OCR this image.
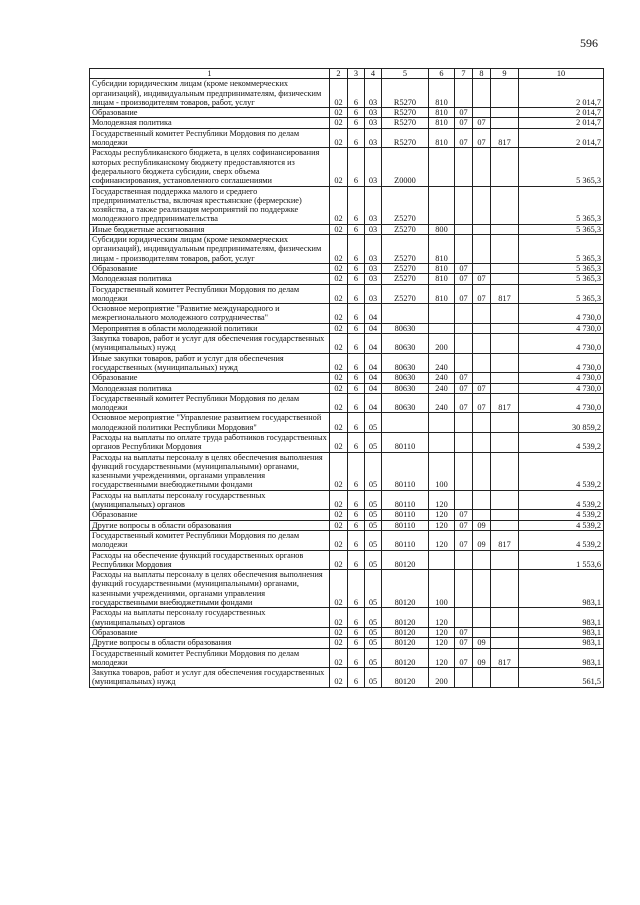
596
1	2	3	4	5	6	7	8	9	10
Субсидии юридическим лицам (кроме некоммерческих организаций), индивидуальным предпринимателям, физическим лицам - производителям товаров, работ, услуг	02	6	03	R5270	810				2 014,7
Образование	02	6	03	R5270	810	07			2 014,7
Молодежная политика	02	6	03	R5270	810	07	07		2 014,7
Государственный комитет Республики Мордовия по делам молодежи	02	6	03	R5270	810	07	07	817	2 014,7
Расходы республиканского бюджета, в целях софинансирования которых республиканскому бюджету предоставляются из федерального бюджета субсидии, сверх объема софинансирования, установленного соглашениями	02	6	03	Z0000					5 365,3
Государственная поддержка малого и среднего предпринимательства, включая крестьянские (фермерские) хозяйства, а также реализация мероприятий по поддержке молодежного предпринимательства	02	6	03	Z5270					5 365,3
Иные бюджетные ассигнования	02	6	03	Z5270	800				5 365,3
Субсидии юридическим лицам (кроме некоммерческих организаций), индивидуальным предпринимателям, физическим лицам - производителям товаров, работ, услуг	02	6	03	Z5270	810				5 365,3
Образование	02	6	03	Z5270	810	07			5 365,3
Молодежная политика	02	6	03	Z5270	810	07	07		5 365,3
Государственный комитет Республики Мордовия по делам молодежи	02	6	03	Z5270	810	07	07	817	5 365,3
Основное мероприятие "Развитие международного и межрегионального молодежного сотрудничества"	02	6	04						4 730,0
Мероприятия в области молодежной политики	02	6	04	80630					4 730,0
Закупка товаров, работ и услуг для обеспечения государственных (муниципальных) нужд	02	6	04	80630	200				4 730,0
Иные закупки товаров, работ и услуг для обеспечения государственных (муниципальных) нужд	02	6	04	80630	240				4 730,0
Образование	02	6	04	80630	240	07			4 730,0
Молодежная политика	02	6	04	80630	240	07	07		4 730,0
Государственный комитет Республики Мордовия по делам молодежи	02	6	04	80630	240	07	07	817	4 730,0
Основное мероприятие "Управление развитием государственной молодежной политики Республики Мордовия"	02	6	05						30 859,2
Расходы на выплаты по оплате труда работников государственных органов Республики Мордовия	02	6	05	80110					4 539,2
Расходы на выплаты персоналу в целях обеспечения выполнения функций государственными (муниципальными) органами, казенными учреждениями, органами управления государственными внебюджетными фондами	02	6	05	80110	100				4 539,2
Расходы на выплаты персоналу государственных (муниципальных) органов	02	6	05	80110	120				4 539,2
Образование	02	6	05	80110	120	07			4 539,2
Другие вопросы в области образования	02	6	05	80110	120	07	09		4 539,2
Государственный комитет Республики Мордовия по делам молодежи	02	6	05	80110	120	07	09	817	4 539,2
Расходы на обеспечение функций государственных органов Республики Мордовия	02	6	05	80120					1 553,6
Расходы на выплаты персоналу в целях обеспечения выполнения функций государственными (муниципальными) органами, казенными учреждениями, органами управления государственными внебюджетными фондами	02	6	05	80120	100				983,1
Расходы на выплаты персоналу государственных (муниципальных) органов	02	6	05	80120	120				983,1
Образование	02	6	05	80120	120	07			983,1
Другие вопросы в области образования	02	6	05	80120	120	07	09		983,1
Государственный комитет Республики Мордовия по делам молодежи	02	6	05	80120	120	07	09	817	983,1
Закупка товаров, работ и услуг для обеспечения государственных (муниципальных) нужд	02	6	05	80120	200				561,5
